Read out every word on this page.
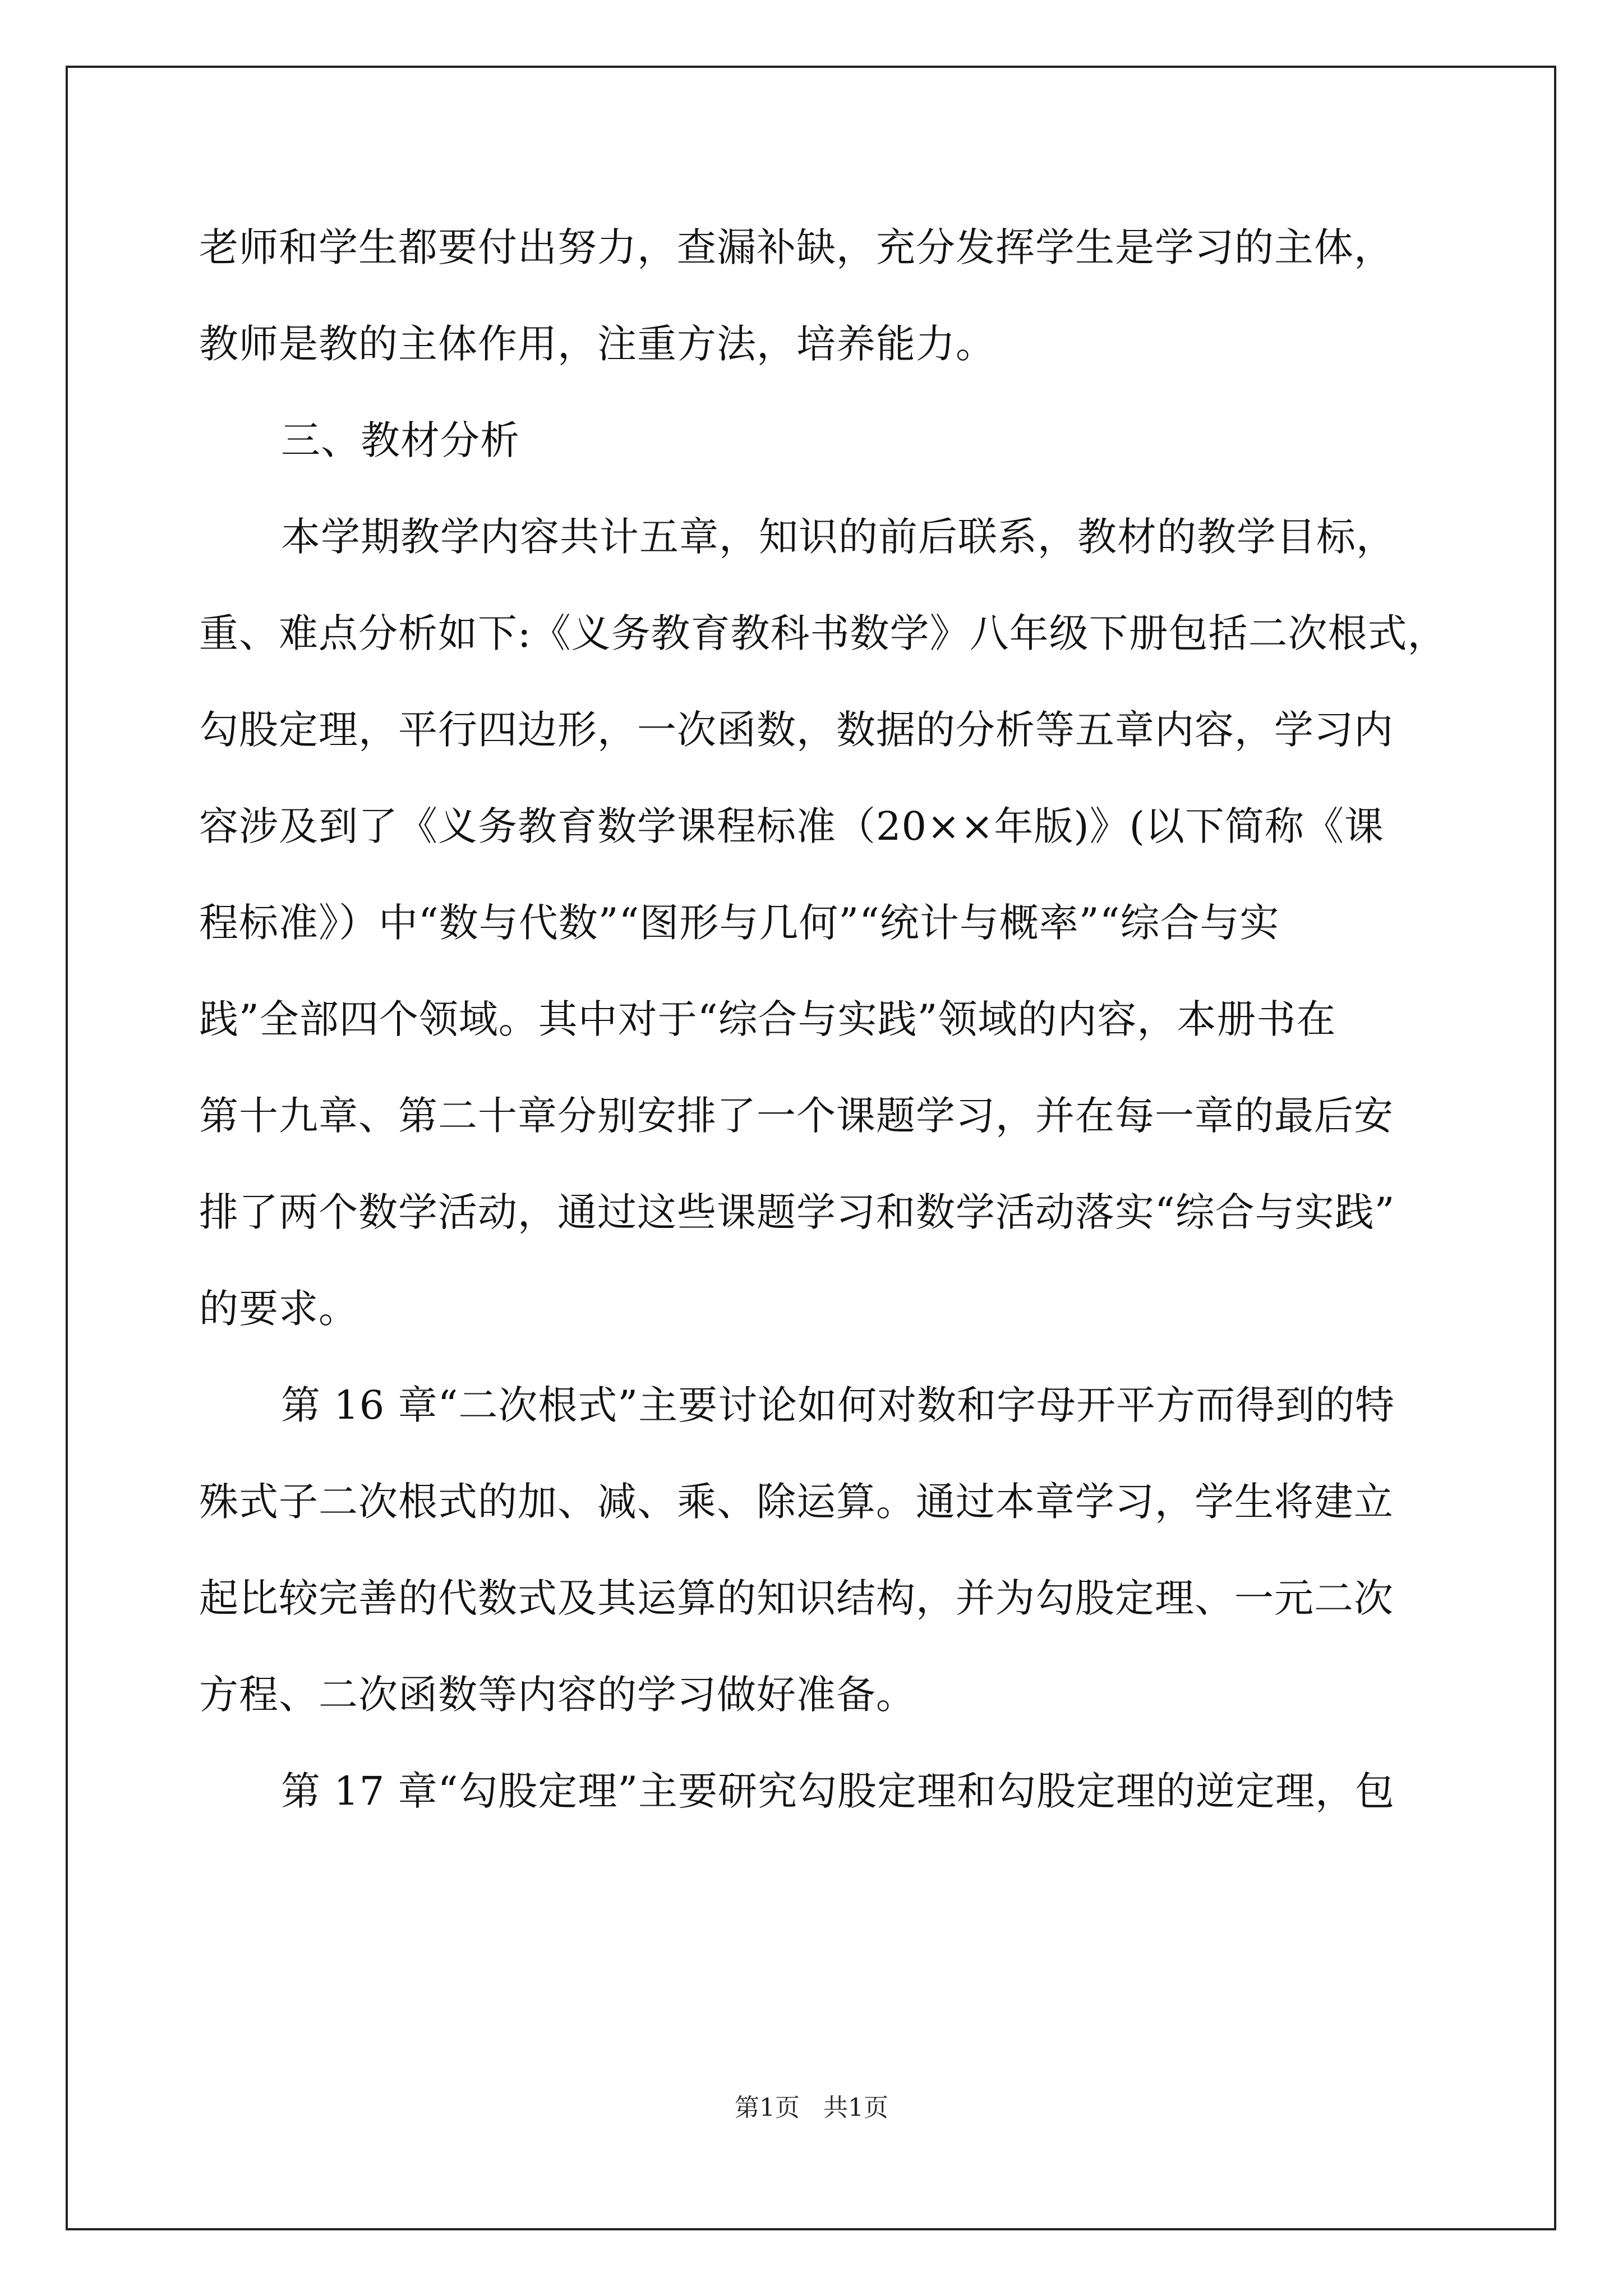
老师和学生都要付出努力，查漏补缺，充分发挥学生是学习的主体，
教师是教的主体作用，注重方法，培养能力。
三、教材分析
本学期教学内容共计五章，知识的前后联系，教材的教学目标，
重、难点分析如下:《义务教育教科书数学》八年级下册包括二次根式，
勾股定理，平行四边形，一次函数，数据的分析等五章内容，学习内
容涉及到了《义务教育数学课程标准（20××年版)》(以下简称《课
程标准》）中“数与代数”“图形与几何”“统计与概率”“综合与实
践”全部四个领域。其中对于“综合与实践”领域的内容，本册书在
第十九章、第二十章分别安排了一个课题学习，并在每一章的最后安
排了两个数学活动，通过这些课题学习和数学活动落实“综合与实践”
的要求。
第 16 章“二次根式”主要讨论如何对数和字母开平方而得到的特
殊式子二次根式的加、减、乘、除运算。通过本章学习，学生将建立
起比较完善的代数式及其运算的知识结构，并为勾股定理、一元二次
方程、二次函数等内容的学习做好准备。
第 17 章“勾股定理”主要研究勾股定理和勾股定理的逆定理，包
第1页   共1页
